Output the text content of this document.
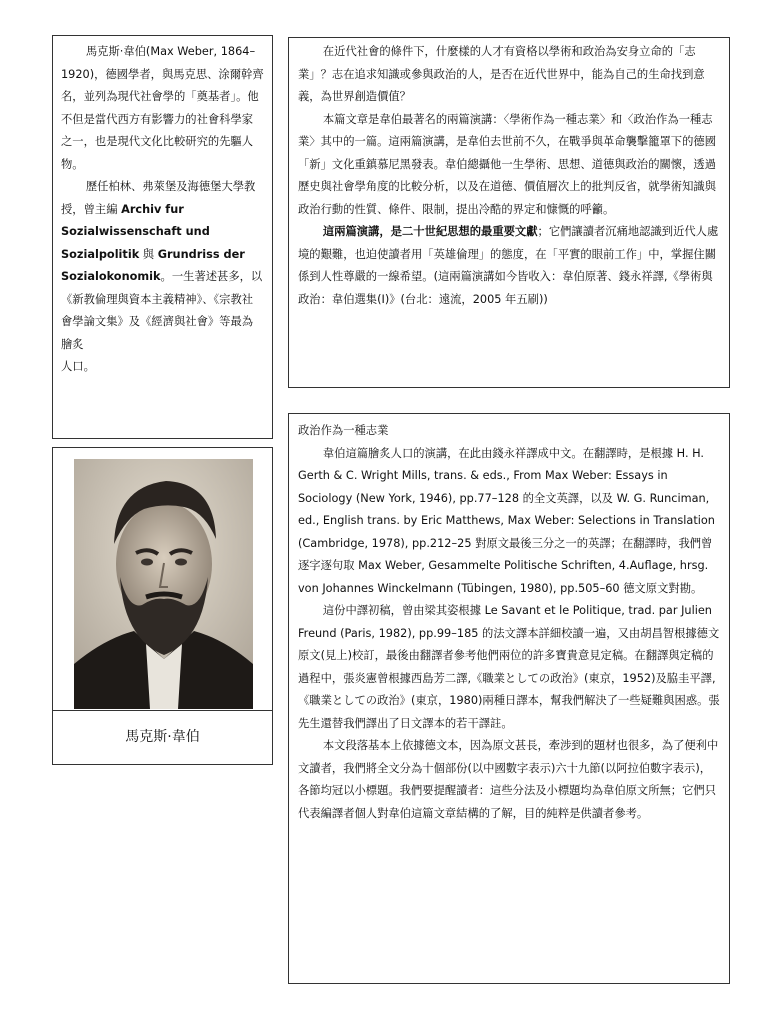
馬克斯·韋伯(Max Weber, 1864–1920)，德國學者，與馬克思、涂爾幹齊名，並列為現代社會學的「奠基者」。他不但是當代西方有影響力的社會科學家之一，也是現代文化比較研究的先驅人物。

歷任柏林、弗萊堡及海德堡大學教授，曾主編 Archiv fur Sozialwissenschaft und Sozialpolitik 與 Grundriss der Sozialokonomik。一生著述甚多，以《新教倫理與資本主義精神》、《宗教社會學論文集》及《經濟與社會》等最為膾炙

人口。

馬克斯·韋伯

在近代社會的條件下，什麼樣的人才有資格以學術和政治為安身立命的「志業」？志在追求知識或參與政治的人，是否在近代世界中，能為自己的生命找到意義，為世界創造價值？

本篇文章是韋伯最著名的兩篇演講：〈學術作為一種志業〉和〈政治作為一種志業〉其中的一篇。這兩篇演講，是韋伯去世前不久，在戰爭與革命襲擊籠罩下的德國「新」文化重鎮慕尼黑發表。韋伯總攝他一生學術、思想、道德與政治的關懷，透過歷史與社會學角度的比較分析，以及在道德、價值層次上的批判反省，就學術知識與政治行動的性質、條件、限制，提出冷酷的界定和慷慨的呼籲。

這兩篇演講，是二十世紀思想的最重要文獻；它們讓讀者沉痛地認識到近代人處境的艱難，也迫使讀者用「英雄倫理」的態度，在「平實的眼前工作」中，掌握住關係到人性尊嚴的一線希望。(這兩篇演講如今皆收入：韋伯原著、錢永祥譯,《學術與政治：韋伯選集(I)》(台北：遠流，2005 年五刷))

政治作為一種志業

韋伯這篇膾炙人口的演講，在此由錢永祥譯成中文。在翻譯時，是根據 H. H. Gerth & C. Wright Mills, trans. & eds., From Max Weber: Essays in Sociology (New York, 1946), pp.77–128 的全文英譯，以及 W. G. Runciman, ed., English trans. by Eric Matthews, Max Weber: Selections in Translation (Cambridge, 1978), pp.212–25 對原文最後三分之一的英譯；在翻譯時，我們曾逐字逐句取 Max Weber, Gesammelte Politische Schriften, 4.Auflage, hrsg. von Johannes Winckelmann (Tübingen, 1980), pp.505–60 德文原文對勘。

這份中譯初稿，曾由梁其姿根據 Le Savant et le Politique, trad. par Julien Freund (Paris, 1982), pp.99–185 的法文譯本詳細校讀一遍，又由胡昌智根據德文原文(見上)校訂，最後由翻譯者參考他們兩位的許多寶貴意見定稿。在翻譯與定稿的過程中，張炎憲曾根據西島芳二譯,《職業としての政治》(東京，1952)及脇圭平譯,《職業としての政治》(東京，1980)兩種日譯本，幫我們解決了一些疑難與困惑。張先生還替我們譯出了日文譯本的若干譯註。

本文段落基本上依據德文本，因為原文甚長，牽涉到的題材也很多，為了便利中文讀者，我們將全文分為十個部份(以中國數字表示)六十九節(以阿拉伯數字表示)，各節均冠以小標題。我們要提醒讀者：這些分法及小標題均為韋伯原文所無；它們只代表編譯者個人對韋伯這篇文章結構的了解，目的純粹是供讀者參考。
